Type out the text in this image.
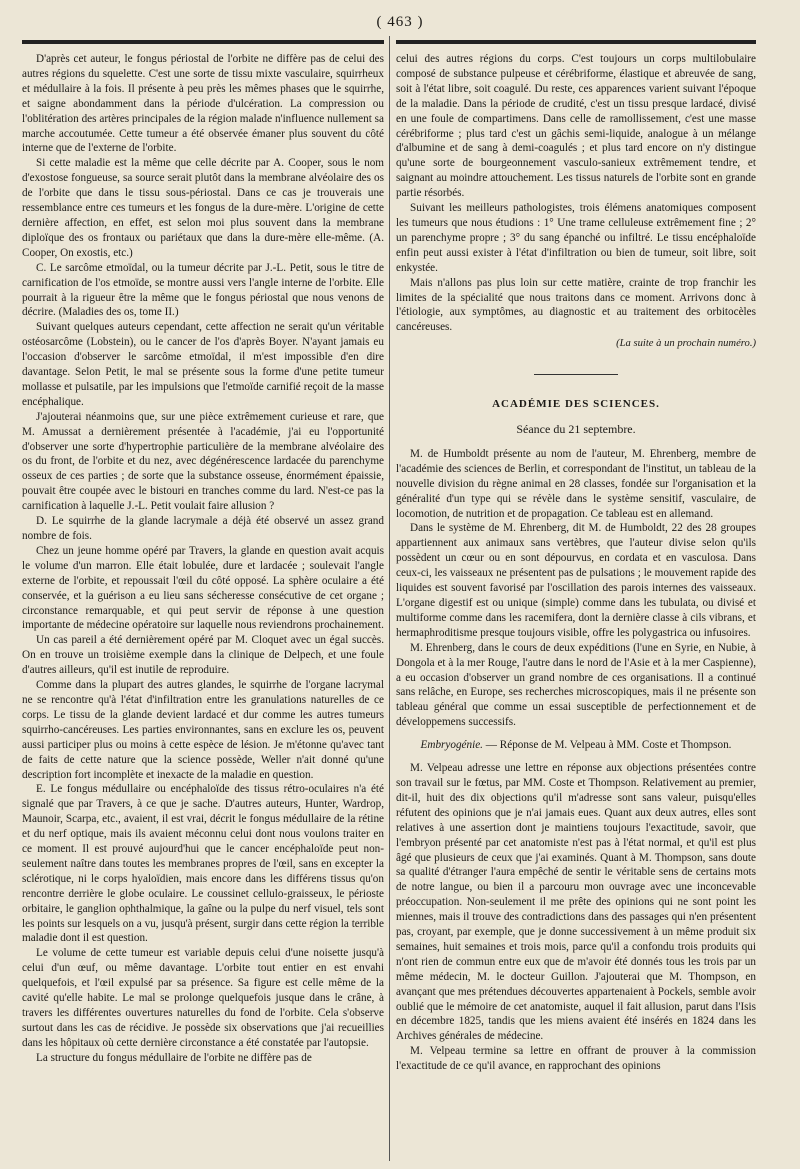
( 463 )

D'après cet auteur, le fongus périostal de l'orbite ne diffère pas de celui des autres régions du squelette. C'est une sorte de tissu mixte vasculaire, squirrheux et médullaire à la fois. Il présente à peu près les mêmes phases que le squirrhe, et saigne abondamment dans la période d'ulcération. La compression ou l'oblitération des artères principales de la région malade n'influence nullement sa marche accoutumée. Cette tumeur a été observée émaner plus souvent du côté interne que de l'externe de l'orbite.

Si cette maladie est la même que celle décrite par A. Cooper, sous le nom d'exostose fongueuse, sa source serait plutôt dans la membrane alvéolaire des os de l'orbite que dans le tissu sous-périostal. Dans ce cas je trouverais une ressemblance entre ces tumeurs et les fongus de la dure-mère. L'origine de cette dernière affection, en effet, est selon moi plus souvent dans la membrane diploïque des os frontaux ou pariétaux que dans la dure-mère elle-même. (A. Cooper, On exostis, etc.)

C. Le sarcôme etmoïdal, ou la tumeur décrite par J.-L. Petit, sous le titre de carnification de l'os etmoïde, se montre aussi vers l'angle interne de l'orbite. Elle pourrait à la rigueur être la même que le fongus périostal que nous venons de décrire. (Maladies des os, tome II.)

Suivant quelques auteurs cependant, cette affection ne serait qu'un véritable ostéosarcôme (Lobstein), ou le cancer de l'os d'après Boyer. N'ayant jamais eu l'occasion d'observer le sarcôme etmoïdal, il m'est impossible d'en dire davantage. Selon Petit, le mal se présente sous la forme d'une petite tumeur mollasse et pulsatile, par les impulsions que l'etmoïde carnifié reçoit de la masse encéphalique.

J'ajouterai néanmoins que, sur une pièce extrêmement curieuse et rare, que M. Amussat a dernièrement présentée à l'académie, j'ai eu l'opportunité d'observer une sorte d'hypertrophie particulière de la membrane alvéolaire des os du front, de l'orbite et du nez, avec dégénérescence lardacée du parenchyme osseux de ces parties ; de sorte que la substance osseuse, énormément épaissie, pouvait être coupée avec le bistouri en tranches comme du lard. N'est-ce pas la carnification à laquelle J.-L. Petit voulait faire allusion ?

D. Le squirrhe de la glande lacrymale a déjà été observé un assez grand nombre de fois.

Chez un jeune homme opéré par Travers, la glande en question avait acquis le volume d'un marron. Elle était lobulée, dure et lardacée ; soulevait l'angle externe de l'orbite, et repoussait l'œil du côté opposé. La sphère oculaire a été conservée, et la guérison a eu lieu sans sécheresse consécutive de cet organe ; circonstance remarquable, et qui peut servir de réponse à une question importante de médecine opératoire sur laquelle nous reviendrons prochainement.

Un cas pareil a été dernièrement opéré par M. Cloquet avec un égal succès. On en trouve un troisième exemple dans la clinique de Delpech, et une foule d'autres ailleurs, qu'il est inutile de reproduire.

Comme dans la plupart des autres glandes, le squirrhe de l'organe lacrymal ne se rencontre qu'à l'état d'infiltration entre les granulations naturelles de ce corps. Le tissu de la glande devient lardacé et dur comme les autres tumeurs squirrho-cancéreuses. Les parties environnantes, sans en exclure les os, peuvent aussi participer plus ou moins à cette espèce de lésion. Je m'étonne qu'avec tant de faits de cette nature que la science possède, Weller n'ait donné qu'une description fort incomplète et inexacte de la maladie en question.

E. Le fongus médullaire ou encéphaloïde des tissus rétro-oculaires n'a été signalé que par Travers, à ce que je sache. D'autres auteurs, Hunter, Wardrop, Maunoir, Scarpa, etc., avaient, il est vrai, décrit le fongus médullaire de la rétine et du nerf optique, mais ils avaient méconnu celui dont nous voulons traiter en ce moment. Il est prouvé aujourd'hui que le cancer encéphaloïde peut non-seulement naître dans toutes les membranes propres de l'œil, sans en excepter la sclérotique, ni le corps hyaloïdien, mais encore dans les différens tissus qu'on rencontre derrière le globe oculaire. Le coussinet cellulo-graisseux, le périoste orbitaire, le ganglion ophthalmique, la gaîne ou la pulpe du nerf visuel, tels sont les points sur lesquels on a vu, jusqu'à présent, surgir dans cette région la terrible maladie dont il est question.

Le volume de cette tumeur est variable depuis celui d'une noisette jusqu'à celui d'un œuf, ou même davantage. L'orbite tout entier en est envahi quelquefois, et l'œil expulsé par sa présence. Sa figure est celle même de la cavité qu'elle habite. Le mal se prolonge quelquefois jusque dans le crâne, à travers les différentes ouvertures naturelles du fond de l'orbite. Cela s'observe surtout dans les cas de récidive. Je possède six observations que j'ai recueillies dans les hôpitaux où cette dernière circonstance a été constatée par l'autopsie.

La structure du fongus médullaire de l'orbite ne diffère pas de

celui des autres régions du corps. C'est toujours un corps multilobulaire composé de substance pulpeuse et cérébriforme, élastique et abreuvée de sang, soit à l'état libre, soit coagulé. Du reste, ces apparences varient suivant l'époque de la maladie. Dans la période de crudité, c'est un tissu presque lardacé, divisé en une foule de compartimens. Dans celle de ramollissement, c'est une masse cérébriforme ; plus tard c'est un gâchis semi-liquide, analogue à un mélange d'albumine et de sang à demi-coagulés ; et plus tard encore on n'y distingue qu'une sorte de bourgeonnement vasculo-sanieux extrêmement tendre, et saignant au moindre attouchement. Les tissus naturels de l'orbite sont en grande partie résorbés.

Suivant les meilleurs pathologistes, trois élémens anatomiques composent les tumeurs que nous étudions : 1° Une trame celluleuse extrêmement fine ; 2° un parenchyme propre ; 3° du sang épanché ou infiltré. Le tissu encéphaloïde enfin peut aussi exister à l'état d'infiltration ou bien de tumeur, soit libre, soit enkystée.

Mais n'allons pas plus loin sur cette matière, crainte de trop franchir les limites de la spécialité que nous traitons dans ce moment. Arrivons donc à l'étiologie, aux symptômes, au diagnostic et au traitement des orbitocèles cancéreuses.

(La suite à un prochain numéro.)
ACADÉMIE DES SCIENCES.
Séance du 21 septembre.

M. de Humboldt présente au nom de l'auteur, M. Ehrenberg, membre de l'académie des sciences de Berlin, et correspondant de l'institut, un tableau de la nouvelle division du règne animal en 28 classes, fondée sur l'organisation et la généralité d'un type qui se révèle dans le système sensitif, vasculaire, de locomotion, de nutrition et de propagation. Ce tableau est en allemand.

Dans le système de M. Ehrenberg, dit M. de Humboldt, 22 des 28 groupes appartiennent aux animaux sans vertèbres, que l'auteur divise selon qu'ils possèdent un cœur ou en sont dépourvus, en cordata et en vasculosa. Dans ceux-ci, les vaisseaux ne présentent pas de pulsations ; le mouvement rapide des liquides est souvent favorisé par l'oscillation des parois internes des vaisseaux. L'organe digestif est ou unique (simple) comme dans les tubulata, ou divisé et multiforme comme dans les racemifera, dont la dernière classe à cils vibrans, et hermaphroditisme presque toujours visible, offre les polygastrica ou infusoires.

M. Ehrenberg, dans le cours de deux expéditions (l'une en Syrie, en Nubie, à Dongola et à la mer Rouge, l'autre dans le nord de l'Asie et à la mer Caspienne), a eu occasion d'observer un grand nombre de ces organisations. Il a continué sans relâche, en Europe, ses recherches microscopiques, mais il ne présente son tableau général que comme un essai susceptible de perfectionnement et de développemens successifs.

Embryogénie. — Réponse de M. Velpeau à MM. Coste et Thompson.

M. Velpeau adresse une lettre en réponse aux objections présentées contre son travail sur le fœtus, par MM. Coste et Thompson. Relativement au premier, dit-il, huit des dix objections qu'il m'adresse sont sans valeur, puisqu'elles réfutent des opinions que je n'ai jamais eues. Quant aux deux autres, elles sont relatives à une assertion dont je maintiens toujours l'exactitude, savoir, que l'embryon présenté par cet anatomiste n'est pas à l'état normal, et qu'il est plus âgé que plusieurs de ceux que j'ai examinés. Quant à M. Thompson, sans doute sa qualité d'étranger l'aura empêché de sentir le véritable sens de certains mots de notre langue, ou bien il a parcouru mon ouvrage avec une inconcevable préoccupation. Non-seulement il me prête des opinions qui ne sont point les miennes, mais il trouve des contradictions dans des passages qui n'en présentent pas, croyant, par exemple, que je donne successivement à un même produit six semaines, huit semaines et trois mois, parce qu'il a confondu trois produits qui n'ont rien de commun entre eux que de m'avoir été donnés tous les trois par un même médecin, M. le docteur Guillon. J'ajouterai que M. Thompson, en avançant que mes prétendues découvertes appartenaient à Pockels, semble avoir oublié que le mémoire de cet anatomiste, auquel il fait allusion, parut dans l'Isis en décembre 1825, tandis que les miens avaient été insérés en 1824 dans les Archives générales de médecine.

M. Velpeau termine sa lettre en offrant de prouver à la commission l'exactitude de ce qu'il avance, en rapprochant des opinions
